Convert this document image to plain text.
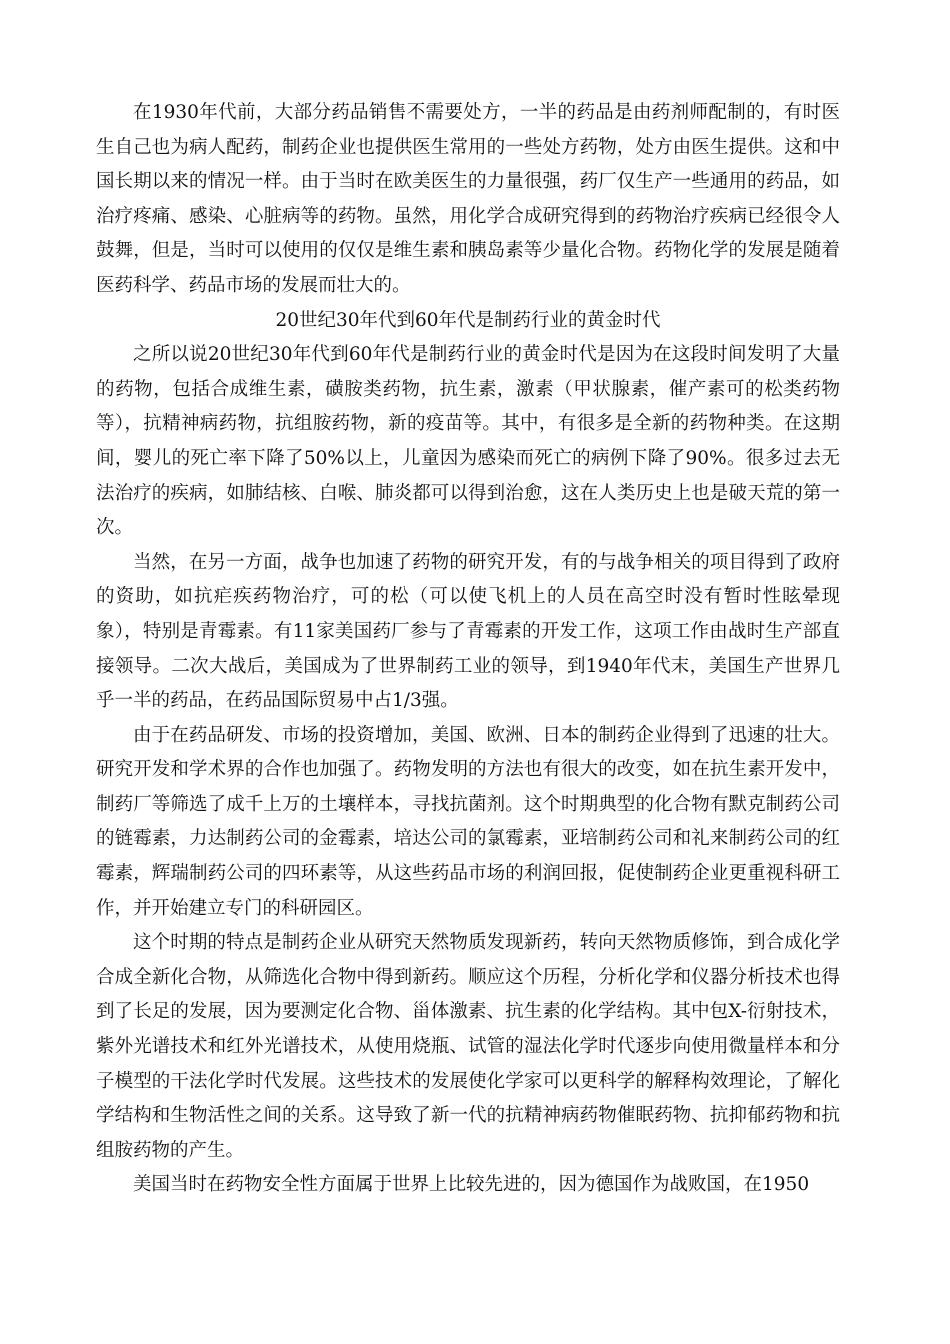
在1930年代前，大部分药品销售不需要处方，一半的药品是由药剂师配制的，有时医生自己也为病人配药，制药企业也提供医生常用的一些处方药物，处方由医生提供。这和中国长期以来的情况一样。由于当时在欧美医生的力量很强，药厂仅生产一些通用的药品，如治疗疼痛、感染、心脏病等的药物。虽然，用化学合成研究得到的药物治疗疾病已经很令人鼓舞，但是，当时可以使用的仅仅是维生素和胰岛素等少量化合物。药物化学的发展是随着医药科学、药品市场的发展而壮大的。

20世纪30年代到60年代是制药行业的黄金时代

之所以说20世纪30年代到60年代是制药行业的黄金时代是因为在这段时间发明了大量的药物，包括合成维生素，磺胺类药物，抗生素，激素（甲状腺素，催产素可的松类药物等），抗精神病药物，抗组胺药物，新的疫苗等。其中，有很多是全新的药物种类。在这期间，婴儿的死亡率下降了50%以上，儿童因为感染而死亡的病例下降了90%。很多过去无法治疗的疾病，如肺结核、白喉、肺炎都可以得到治愈，这在人类历史上也是破天荒的第一次。

当然，在另一方面，战争也加速了药物的研究开发，有的与战争相关的项目得到了政府的资助，如抗疟疾药物治疗，可的松（可以使飞机上的人员在高空时没有暂时性眩晕现象），特别是青霉素。有11家美国药厂参与了青霉素的开发工作，这项工作由战时生产部直接领导。二次大战后，美国成为了世界制药工业的领导，到1940年代末，美国生产世界几乎一半的药品，在药品国际贸易中占1/3强。

由于在药品研发、市场的投资增加，美国、欧洲、日本的制药企业得到了迅速的壮大。研究开发和学术界的合作也加强了。药物发明的方法也有很大的改变，如在抗生素开发中，制药厂等筛选了成千上万的土壤样本，寻找抗菌剂。这个时期典型的化合物有默克制药公司的链霉素，力达制药公司的金霉素，培达公司的氯霉素，亚培制药公司和礼来制药公司的红霉素，辉瑞制药公司的四环素等，从这些药品市场的利润回报，促使制药企业更重视科研工作，并开始建立专门的科研园区。

这个时期的特点是制药企业从研究天然物质发现新药，转向天然物质修饰，到合成化学合成全新化合物，从筛选化合物中得到新药。顺应这个历程，分析化学和仪器分析技术也得到了长足的发展，因为要测定化合物、甾体激素、抗生素的化学结构。其中包X-衍射技术，紫外光谱技术和红外光谱技术，从使用烧瓶、试管的湿法化学时代逐步向使用微量样本和分子模型的干法化学时代发展。这些技术的发展使化学家可以更科学的解释构效理论，了解化学结构和生物活性之间的关系。这导致了新一代的抗精神病药物催眠药物、抗抑郁药物和抗组胺药物的产生。

美国当时在药物安全性方面属于世界上比较先进的，因为德国作为战败国，在1950
